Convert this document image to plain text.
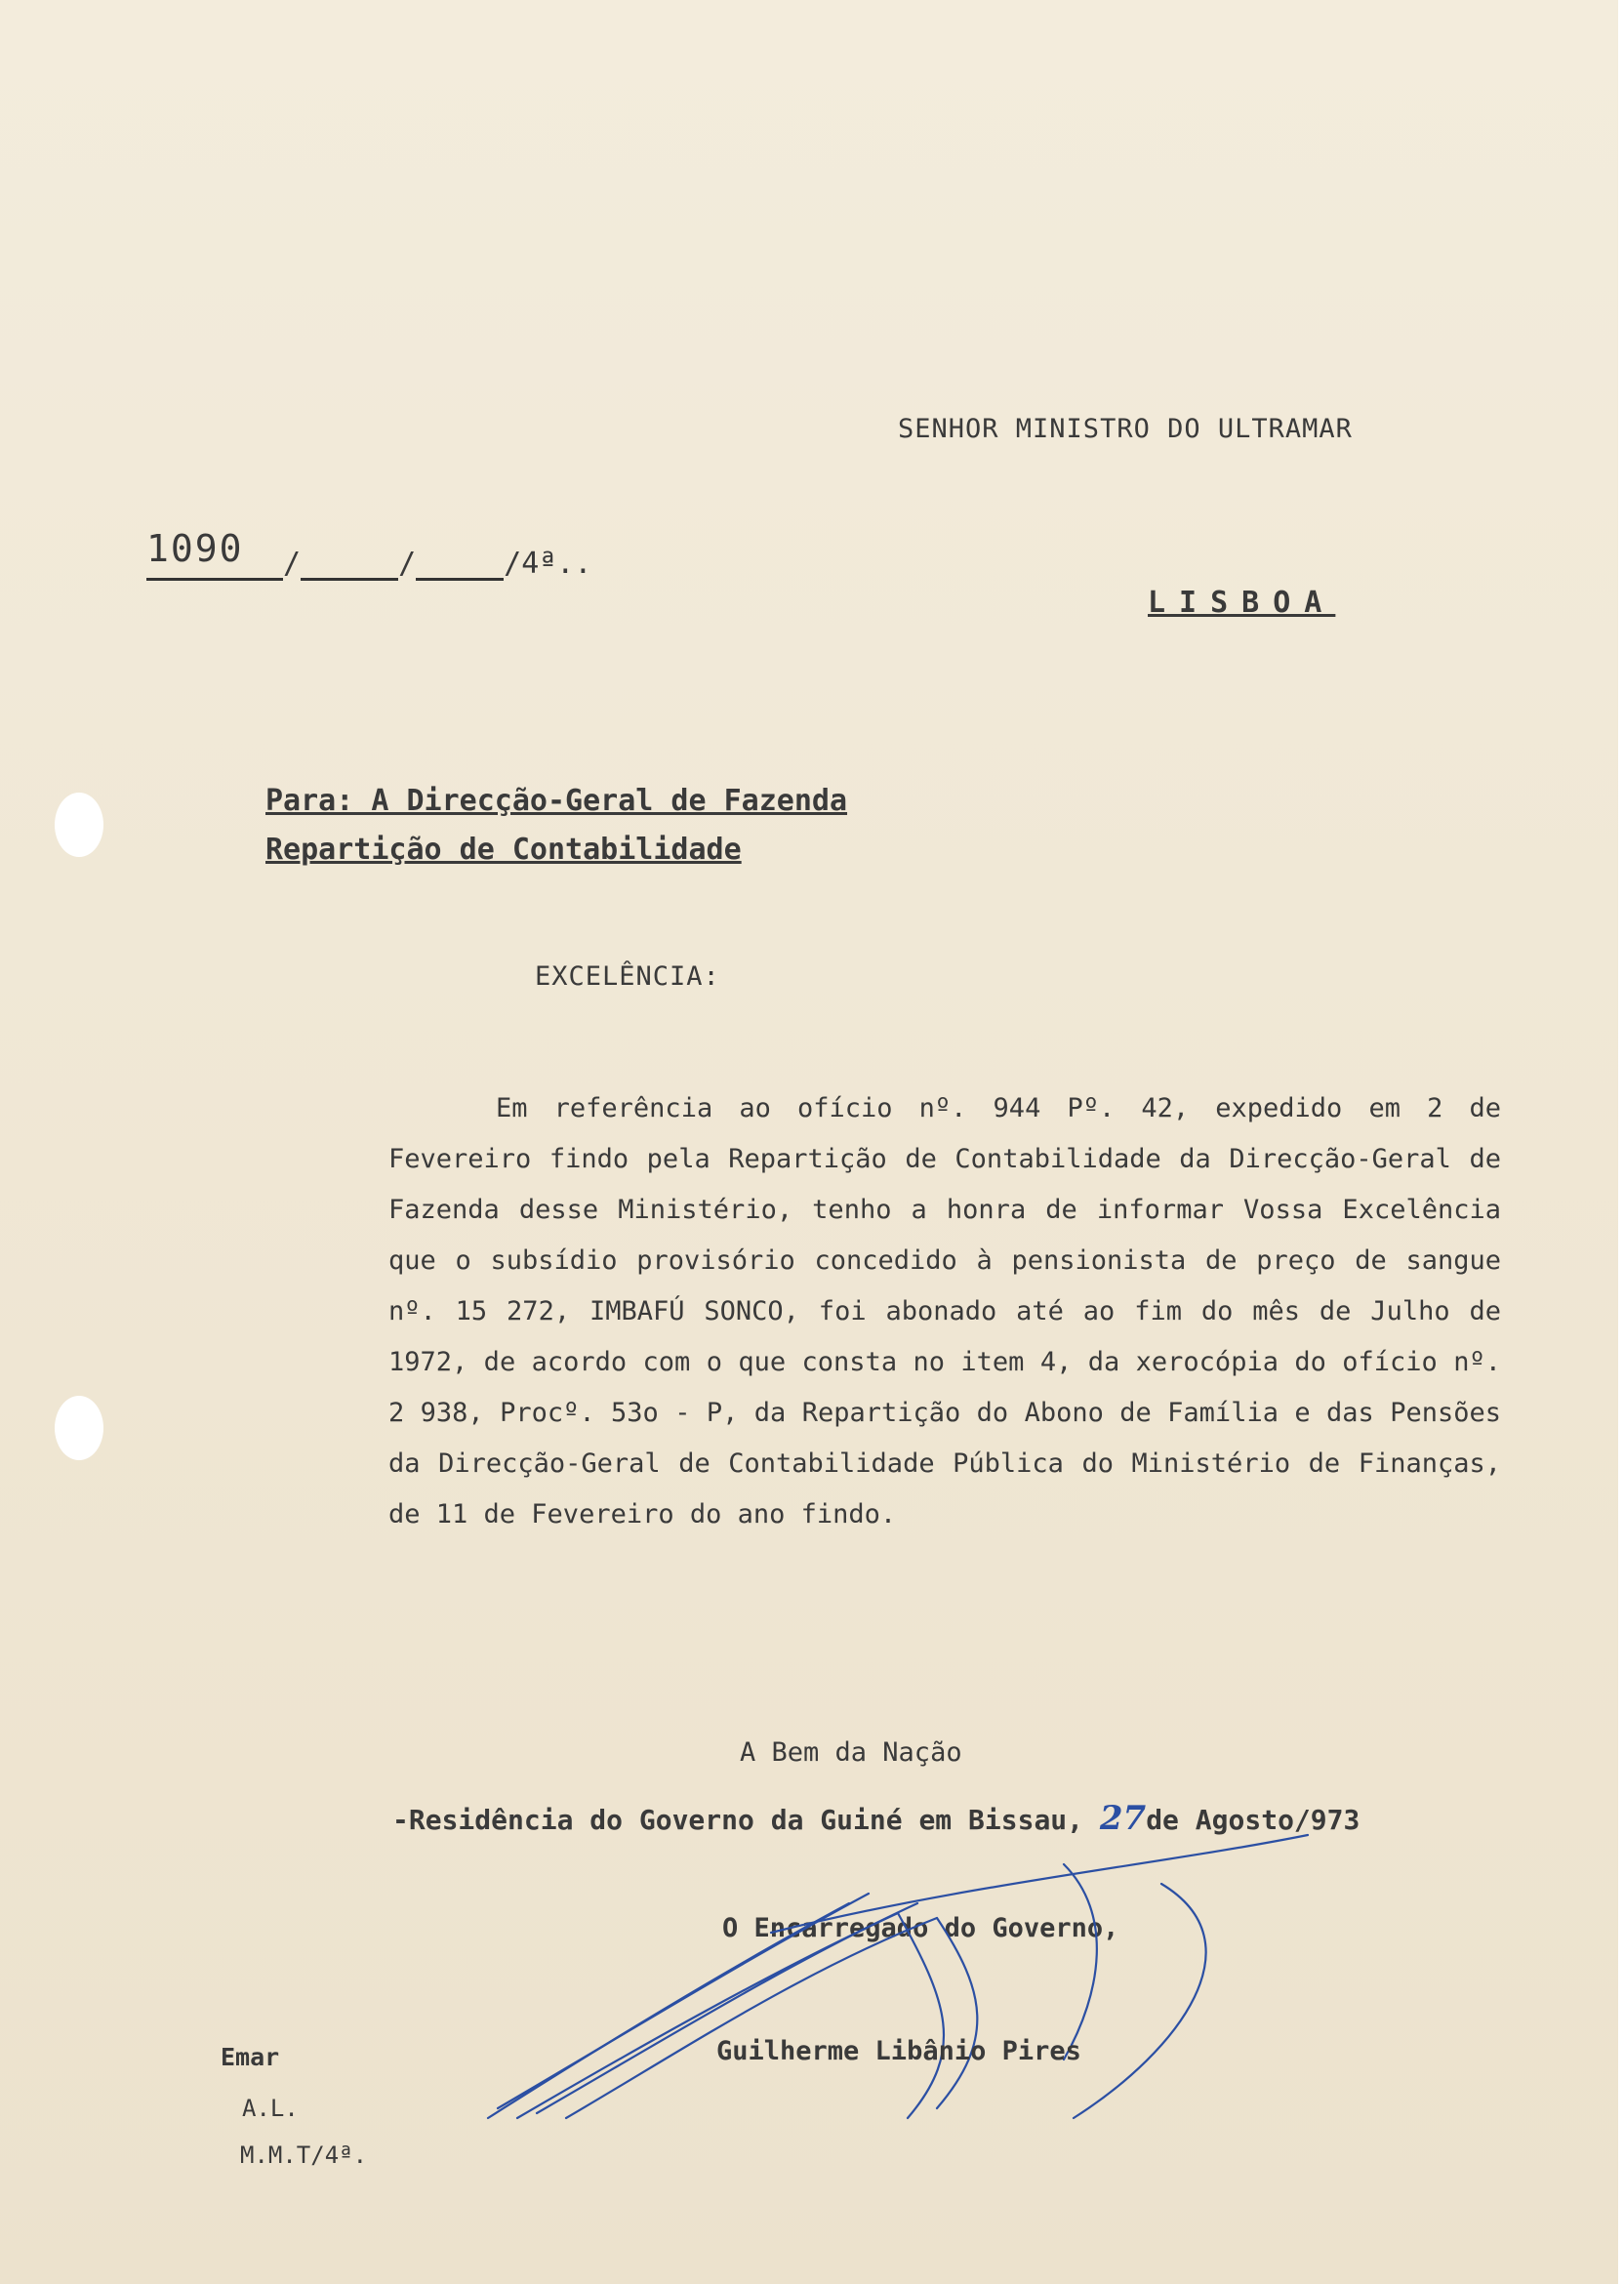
SENHOR MINISTRO DO ULTRAMAR
/	/	/4ª..
1090
LISBOA
Para: A Direcção-Geral de Fazenda
Repartição de Contabilidade
EXCELÊNCIA:

Em referência ao ofício nº. 944 Pº. 42, expedido em 2 de Fevereiro findo pela Repartição de Contabilidade da Direcção-Geral de Fazenda desse Ministério, tenho a honra de informar Vossa Excelência que o subsídio provisório concedido à pensionista de preço de sangue nº. 15 272, IMBAFÚ SONCO, foi abonado até ao fim do mês de Julho de 1972, de acordo com o que consta no item 4, da xerocópia do ofício nº. 2 938, Procº. 53o - P, da Repartição do Abono de Família e das Pensões da Direcção-Geral de Contabilidade Pública do Ministério de Finanças, de 11 de Fevereiro do ano findo.

A Bem da Nação
-Residência do Governo da Guiné em Bissau, 27de Agosto/973
O Encarregado do Governo,
Guilherme Libânio Pires
Emar
A.L.
M.M.T/4ª.
